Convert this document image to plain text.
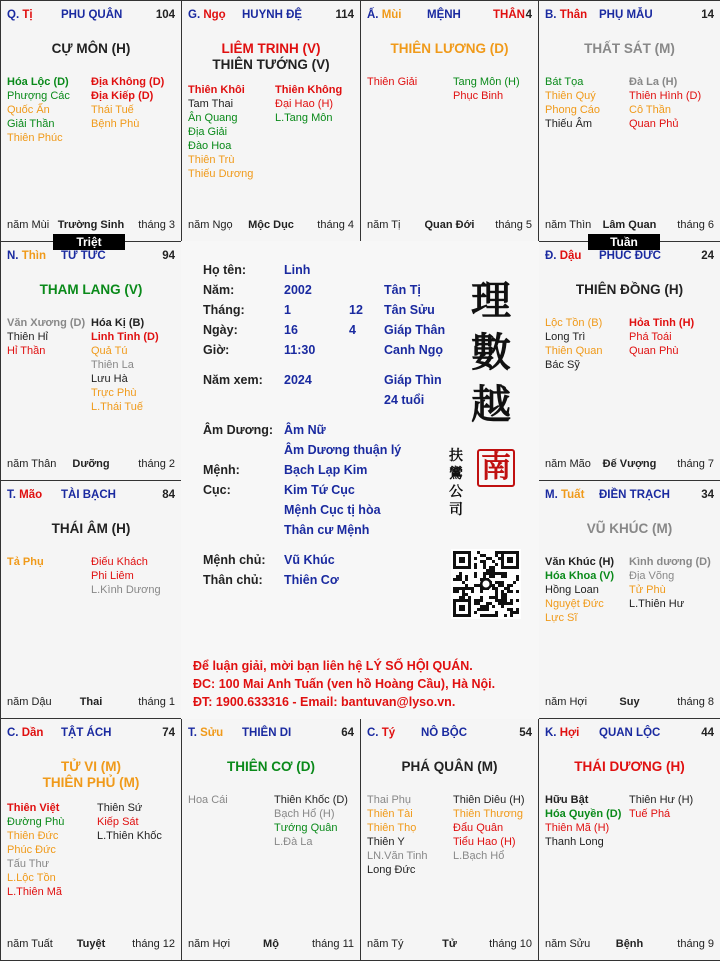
Q. Tị PHU QUÂN	104
CỰ MÔN (H)
Hóa Lộc (D)
Phượng Các
Quốc Ấn
Giải Thần
Thiên Phúc
Địa Không (D)
Địa Kiếp (D)
Thái Tuế
Bệnh Phù
năm Mùi Trường Sinh	tháng 3
G. Ngọ HUYNH ĐỆ	114
LIÊM TRINH (V)
THIÊN TƯỚNG (V)
Thiên Khôi
Tam Thai
Ân Quang
Địa Giải
Đào Hoa
Thiên Trù
Thiếu Dương
Thiên Không
Đại Hao (H)
L.Tang Môn
năm Ngọ	Mộc Dục	tháng 4
Ấ. Mùi MỆNH	THÂN 4
THIÊN LƯƠNG (D)
Thiên Giải	Tang Môn (H)
Phục Binh
năm Tị	Quan Đới	tháng 5
B. Thân PHỤ MẪU	14
THẤT SÁT (M)
Bát Tọa
Thiên Quý
Phong Cáo
Thiếu Âm
Đà La (H)
Thiên Hình (D)
Cô Thần
Quan Phủ
năm Thìn	Lâm Quan	tháng 6
N. Thìn TỬ TỨC	94
THAM LANG (V)
Văn Xương (D)
Thiên Hỉ
Hỉ Thần
Hóa Kị (B)
Linh Tinh (D)
Quả Tú
Thiên La
Lưu Hà
Trực Phù
L.Thái Tuế
năm Thân	Dưỡng	tháng 2
Đ. Dậu PHÚC ĐỨC	24
THIÊN ĐỒNG (H)
Lộc Tồn (B)
Long Trì
Thiên Quan
Bác Sỹ
Hỏa Tinh (H)
Phá Toái
Quan Phù
năm Mão	Đế Vượng	tháng 7
T. Mão TÀI BẠCH	84
THÁI ÂM (H)
Tả Phụ	Điếu Khách
Phi Liêm
L.Kình Dương
năm Dậu	Thai	tháng 1
M. Tuất ĐIỀN TRẠCH	34
VŨ KHÚC (M)
Văn Khúc (H)
Hóa Khoa (V)
Hồng Loan
Nguyệt Đức
Lực Sĩ
Kình dương (D)
Địa Võng
Tử Phù
L.Thiên Hư
năm Hợi	Suy	tháng 8
C. Dần TẬT ÁCH	74
TỬ VI (M)
THIÊN PHỦ (M)
Thiên Việt
Đường Phù
Thiên Đức
Phúc Đức
Tấu Thư
L.Lộc Tồn
L.Thiên Mã
Thiên Sứ
Kiếp Sát
L.Thiên Khốc
năm Tuất	Tuyệt	tháng 12
T. Sửu THIÊN DI	64
THIÊN CƠ (D)
Hoa Cái	Thiên Khốc (D)
Bạch Hổ (H)
Tướng Quân
L.Đà La
năm Hợi	Mộ	tháng 11
C. Tý NÔ BỘC	54
PHÁ QUÂN (M)
Thai Phụ
Thiên Tài
Thiên Thọ
Thiên Y
LN.Văn Tinh
Long Đức
Thiên Diêu (H)
Thiên Thương
Đẩu Quân
Tiểu Hao (H)
L.Bạch Hổ
năm Tý	Tử	tháng 10
K. Hợi QUAN LỘC	44
THÁI DƯƠNG (H)
Hữu Bật
Hóa Quyền (D)
Thiên Mã (H)
Thanh Long
Thiên Hư (H)
Tuế Phá
năm Sửu	Bệnh	tháng 9
Họ tên:	Linh
Năm:	2002	Tân Tị
Tháng:	1	12 Tân Sửu
Ngày:	16	4 Giáp Thân
Giờ:	11:30	Canh Ngọ
Năm xem: 2024	Giáp Thìn
24 tuổi
Âm Dương: Âm Nữ
Âm Dương thuận lý
Mệnh:	Bạch Lạp Kim
Cục:	Kim Tứ Cục
Mệnh Cục tị hòa
Thân cư Mệnh
Mệnh chủ: Vũ Khúc
Thân chủ: Thiên Cơ
理
數
越
南
扶
鸞
公
司
Để luận giải, mời bạn liên hệ LÝ SỐ HỘI QUÁN.
ĐC: 100 Mai Anh Tuấn (ven hồ Hoàng Cầu), Hà Nội.
ĐT: 1900.633316 - Email: bantuvan@lyso.vn.
Triệt	Tuần
